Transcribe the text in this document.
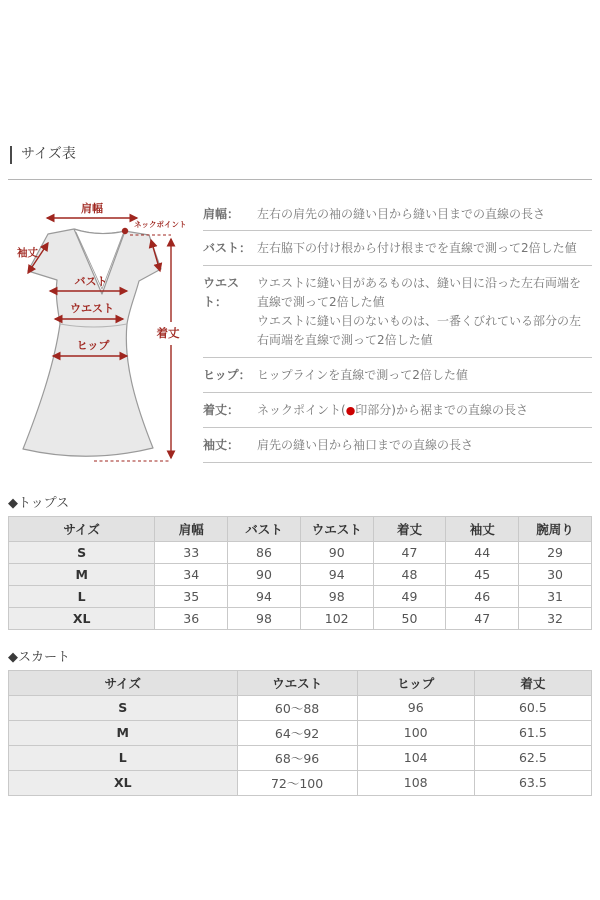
サイズ表
肩幅
ネックポイント
袖丈
バスト
ウエスト
ヒップ
着丈
肩幅：	左右の肩先の袖の縫い目から縫い目までの直線の長さ
バスト： 左右脇下の付け根から付け根までを直線で測って2倍した値
ウエスト：
ウエストに縫い目があるものは、縫い目に沿った左右両端を直線で測って2倍した値
ウエストに縫い目のないものは、一番くびれている部分の左右両端を直線で測って2倍した値
ヒップ： ヒップラインを直線で測って2倍した値
着丈：	ネックポイント(●印部分)から裾までの直線の長さ
袖丈：	肩先の縫い目から袖口までの直線の長さ
◆トップス
サイズ	肩幅	バスト	ウエスト	着丈	袖丈	腕周り
S	33	86	90	47	44	29
M	34	90	94	48	45	30
L	35	94	98	49	46	31
XL	36	98	102	50	47	32
◆スカート
サイズ	ウエスト	ヒップ	着丈
S	60〜88	96	60.5
M	64〜92	100	61.5
L	68〜96	104	62.5
XL	72〜100	108	63.5
